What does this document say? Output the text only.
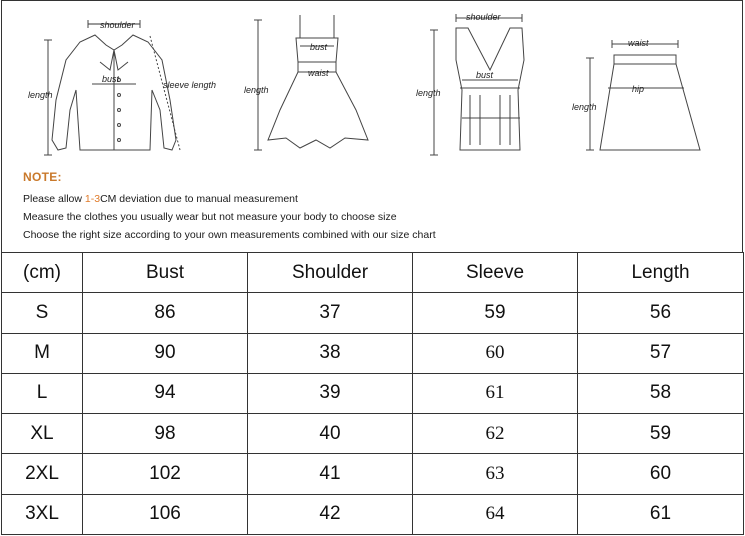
shoulder
bust
length
sleeve length
bust
waist
length
shoulder
bust
length
waist
hip
length
NOTE:
Please allow 1-3CM deviation due to manual measurement
Measure the clothes you usually wear but not measure your body to choose size
Choose the right size according to your own measurements combined with our size chart
(cm)	Bust	Shoulder	Sleeve	Length
S	86	37	59	56
M	90	38	60	57
L	94	39	61	58
XL	98	40	62	59
2XL	102	41	63	60
3XL	106	42	64	61
